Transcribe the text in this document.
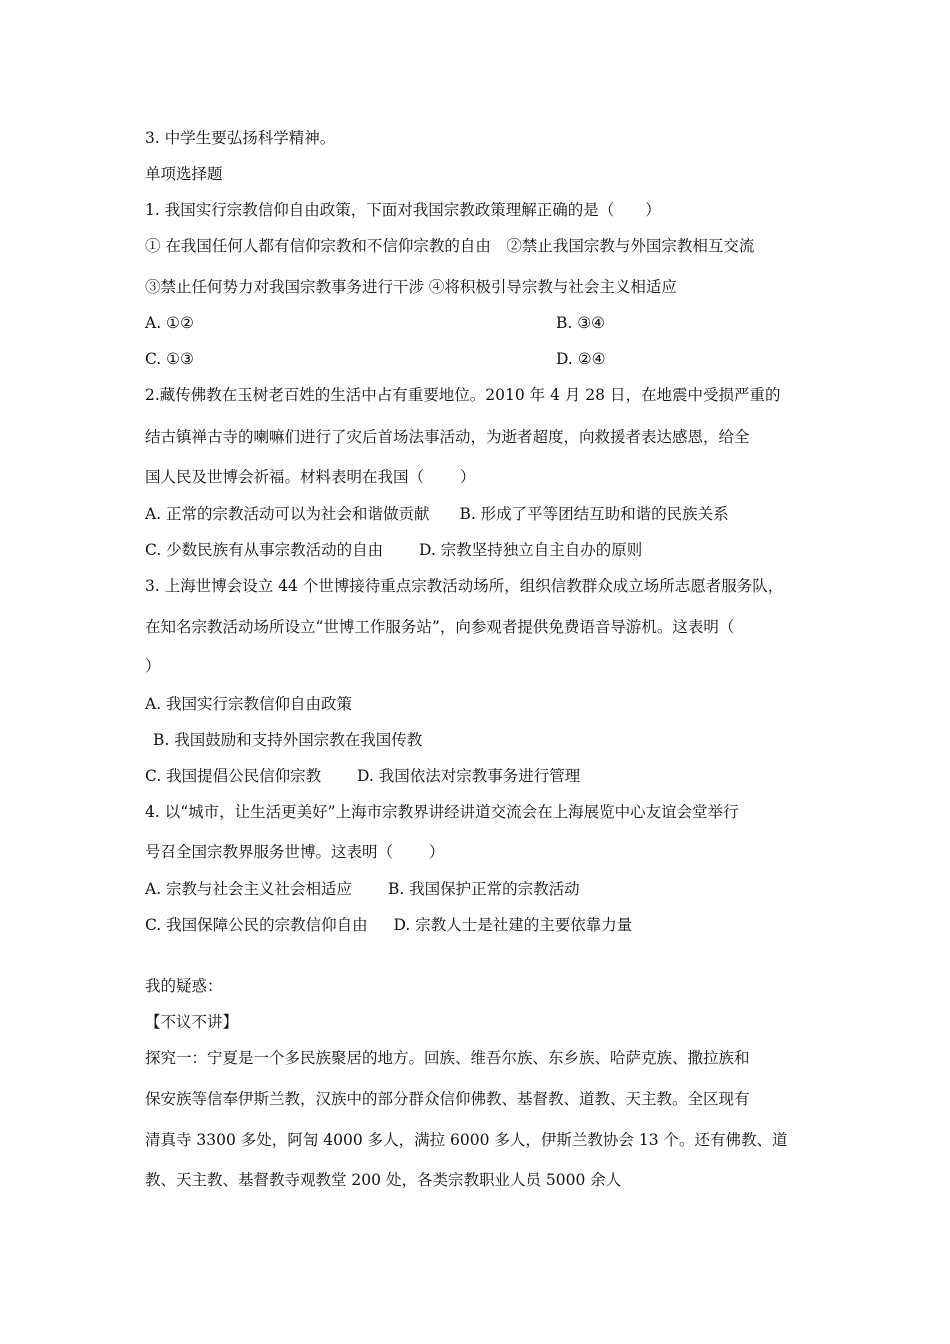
3. 中学生要弘扬科学精神。
单项选择题
1. 我国实行宗教信仰自由政策，下面对我国宗教政策理解正确的是（　　）
① 在我国任何人都有信仰宗教和不信仰宗教的自由　②禁止我国宗教与外国宗教相互交流
③禁止任何势力对我国宗教事务进行干涉 ④将积极引导宗教与社会主义相适应
A. ①②	B. ③④
C. ①③	D. ②④
2.藏传佛教在玉树老百姓的生活中占有重要地位。2010 年 4 月 28 日，在地震中受损严重的
结古镇禅古寺的喇嘛们进行了灾后首场法事活动，为逝者超度，向救援者表达感恩，给全
国人民及世博会祈福。材料表明在我国（　　 ）
A. 正常的宗教活动可以为社会和谐做贡献 B. 形成了平等团结互助和谐的民族关系
C. 少数民族有从事宗教活动的自由 D. 宗教坚持独立自主自办的原则
3. 上海世博会设立 44 个世博接待重点宗教活动场所，组织信教群众成立场所志愿者服务队，
在知名宗教活动场所设立“世博工作服务站”，向参观者提供免费语音导游机。这表明（
）
A. 我国实行宗教信仰自由政策
B. 我国鼓励和支持外国宗教在我国传教
C. 我国提倡公民信仰宗教 D. 我国依法对宗教事务进行管理
4. 以“城市，让生活更美好”上海市宗教界讲经讲道交流会在上海展览中心友谊会堂举行
号召全国宗教界服务世博。这表明（　　 ）
A. 宗教与社会主义社会相适应 B. 我国保护正常的宗教活动
C. 我国保障公民的宗教信仰自由 D. 宗教人士是社建的主要依靠力量
我的疑惑：
【不议不讲】
探究一：宁夏是一个多民族聚居的地方。回族、维吾尔族、东乡族、哈萨克族、撒拉族和
保安族等信奉伊斯兰教，汉族中的部分群众信仰佛教、基督教、道教、天主教。全区现有
清真寺 3300 多处，阿訇 4000 多人，满拉 6000 多人，伊斯兰教协会 13 个。还有佛教、道
教、天主教、基督教寺观教堂 200 处，各类宗教职业人员 5000 余人
